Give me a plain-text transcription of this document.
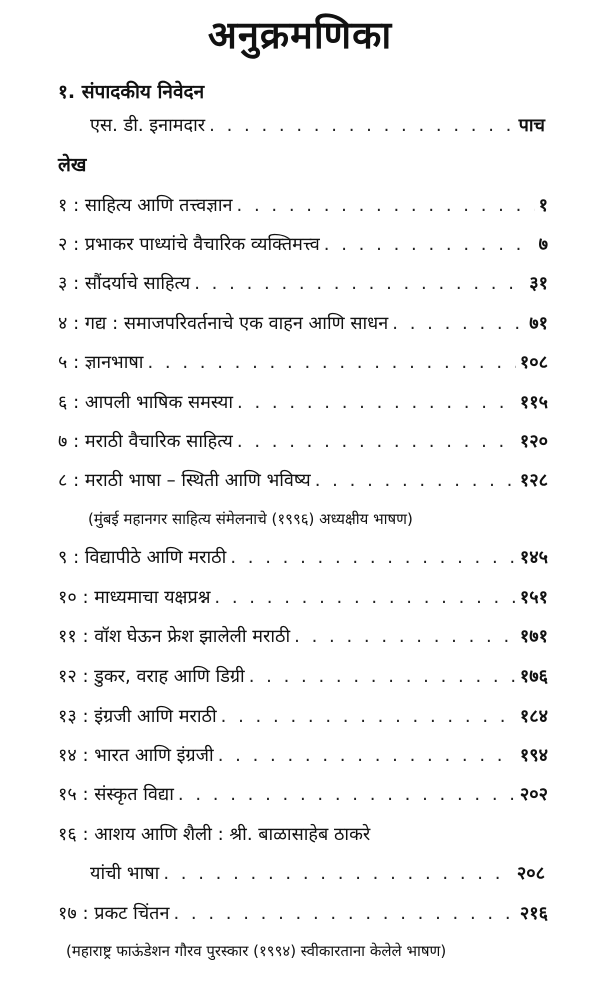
अनुक्रमणिका
१. संपादकीय निवेदन
एस. डी. इनामदार . . .	पाच
लेख
१ : साहित्य आणि तत्त्वज्ञान . . .	१
२ : प्रभाकर पाध्यांचे वैचारिक व्यक्तिमत्त्व . . .	७
३ : सौंदर्याचे साहित्य . . .	३१
४ : गद्य : समाजपरिवर्तनाचे एक वाहन आणि साधन . . .	७१
५ : ज्ञानभाषा . . .	१०८
६ : आपली भाषिक समस्या . . .	११५
७ : मराठी वैचारिक साहित्य . . .	१२०
८ : मराठी भाषा – स्थिती आणि भविष्य . . .	१२८
(मुंबई महानगर साहित्य संमेलनाचे (१९९६) अध्यक्षीय भाषण)
९ : विद्यापीठे आणि मराठी . . .	१४५
१० : माध्यमाचा यक्षप्रश्न . . .	१५१
११ : वॉश घेऊन फ्रेश झालेली मराठी . . .	१७१
१२ : डुकर, वराह आणि डिग्री . . .	१७६
१३ : इंग्रजी आणि मराठी . . .	१८४
१४ : भारत आणि इंग्रजी . . .	१९४
१५ : संस्कृत विद्या . . .	२०२
१६ : आशय आणि शैली : श्री. बाळासाहेब ठाकरे
यांची भाषा . . .	२०८
१७ : प्रकट चिंतन . . .	२१६
(महाराष्ट्र फाऊंडेशन गौरव पुरस्कार (१९९४) स्वीकारताना केलेले भाषण)
